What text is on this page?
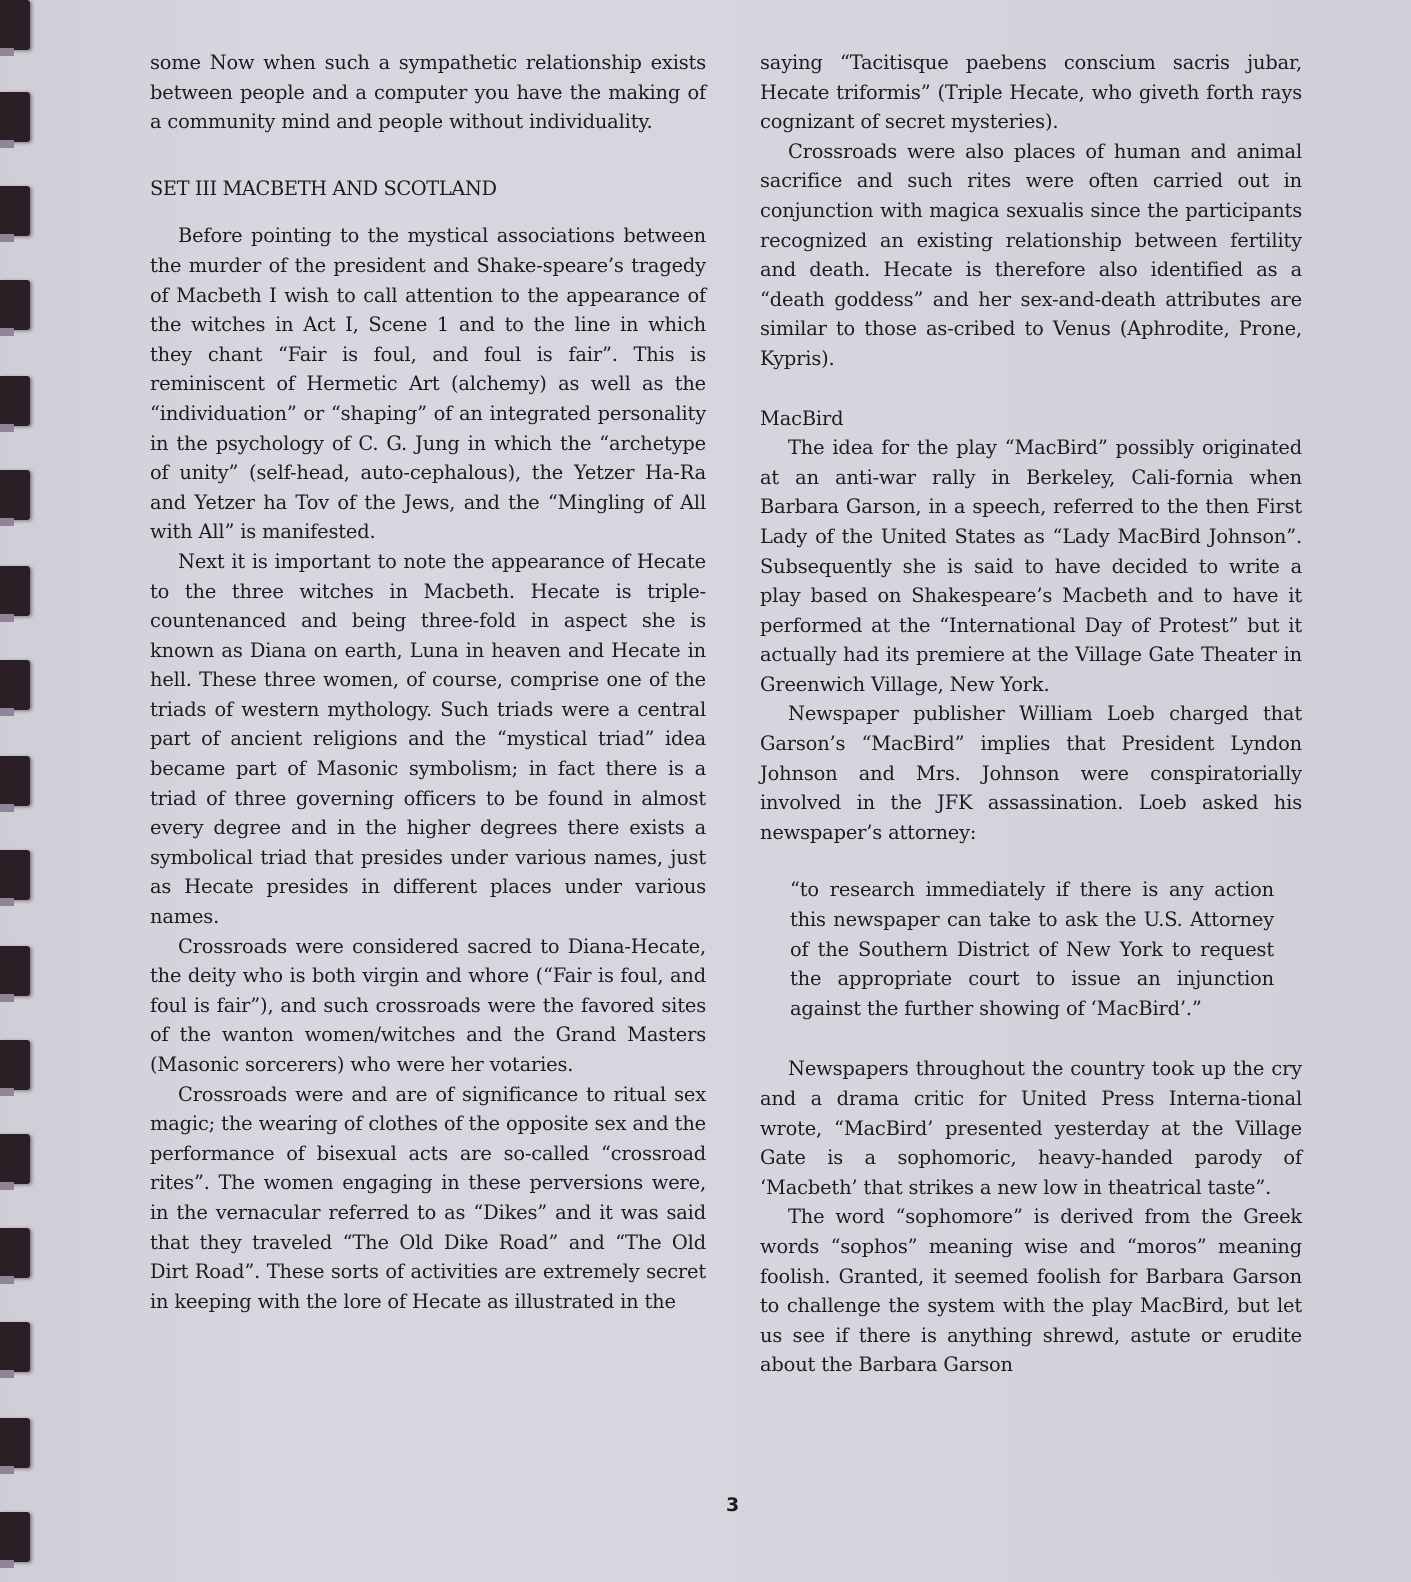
some Now when such a sympathetic relationship exists between people and a computer you have the making of a community mind and people without individuality.

SET III MACBETH AND SCOTLAND

Before pointing to the mystical associations between the murder of the president and Shake-speare’s tragedy of Macbeth I wish to call attention to the appearance of the witches in Act I, Scene 1 and to the line in which they chant “Fair is foul, and foul is fair”. This is reminiscent of Hermetic Art (alchemy) as well as the “individuation” or “shaping” of an integrated personality in the psychology of C. G. Jung in which the “archetype of unity” (self-head, auto-cephalous), the Yetzer Ha-Ra and Yetzer ha Tov of the Jews, and the “Mingling of All with All” is manifested.

Next it is important to note the appearance of Hecate to the three witches in Macbeth. Hecate is triple-countenanced and being three-fold in aspect she is known as Diana on earth, Luna in heaven and Hecate in hell. These three women, of course, comprise one of the triads of western mythology. Such triads were a central part of ancient religions and the “mystical triad” idea became part of Masonic symbolism; in fact there is a triad of three governing officers to be found in almost every degree and in the higher degrees there exists a symbolical triad that presides under various names, just as Hecate presides in different places under various names.

Crossroads were considered sacred to Diana-Hecate, the deity who is both virgin and whore (“Fair is foul, and foul is fair”), and such crossroads were the favored sites of the wanton women/witches and the Grand Masters (Masonic sorcerers) who were her votaries.

Crossroads were and are of significance to ritual sex magic; the wearing of clothes of the opposite sex and the performance of bisexual acts are so-called “crossroad rites”. The women engaging in these perversions were, in the vernacular referred to as “Dikes” and it was said that they traveled “The Old Dike Road” and “The Old Dirt Road”. These sorts of activities are extremely secret in keeping with the lore of Hecate as illustrated in the

saying “Tacitisque paebens conscium sacris jubar, Hecate triformis” (Triple Hecate, who giveth forth rays cognizant of secret mysteries).

Crossroads were also places of human and animal sacrifice and such rites were often carried out in conjunction with magica sexualis since the participants recognized an existing relationship between fertility and death. Hecate is therefore also identified as a “death goddess” and her sex-and-death attributes are similar to those as-cribed to Venus (Aphrodite, Prone, Kypris).

MacBird

The idea for the play “MacBird” possibly originated at an anti-war rally in Berkeley, Cali-fornia when Barbara Garson, in a speech, referred to the then First Lady of the United States as “Lady MacBird Johnson”. Subsequently she is said to have decided to write a play based on Shakespeare’s Macbeth and to have it performed at the “International Day of Protest” but it actually had its premiere at the Village Gate Theater in Greenwich Village, New York.

Newspaper publisher William Loeb charged that Garson’s “MacBird” implies that President Lyndon Johnson and Mrs. Johnson were conspiratorially involved in the JFK assassination. Loeb asked his newspaper’s attorney:

“to research immediately if there is any action this newspaper can take to ask the U.S. Attorney of the Southern District of New York to request the appropriate court to issue an injunction against the further showing of ‘MacBird’.”

Newspapers throughout the country took up the cry and a drama critic for United Press Interna-tional wrote, “MacBird’ presented yesterday at the Village Gate is a sophomoric, heavy-handed parody of ‘Macbeth’ that strikes a new low in theatrical taste”.

The word “sophomore” is derived from the Greek words “sophos” meaning wise and “moros” meaning foolish. Granted, it seemed foolish for Barbara Garson to challenge the system with the play MacBird, but let us see if there is anything shrewd, astute or erudite about the Barbara Garson

3
